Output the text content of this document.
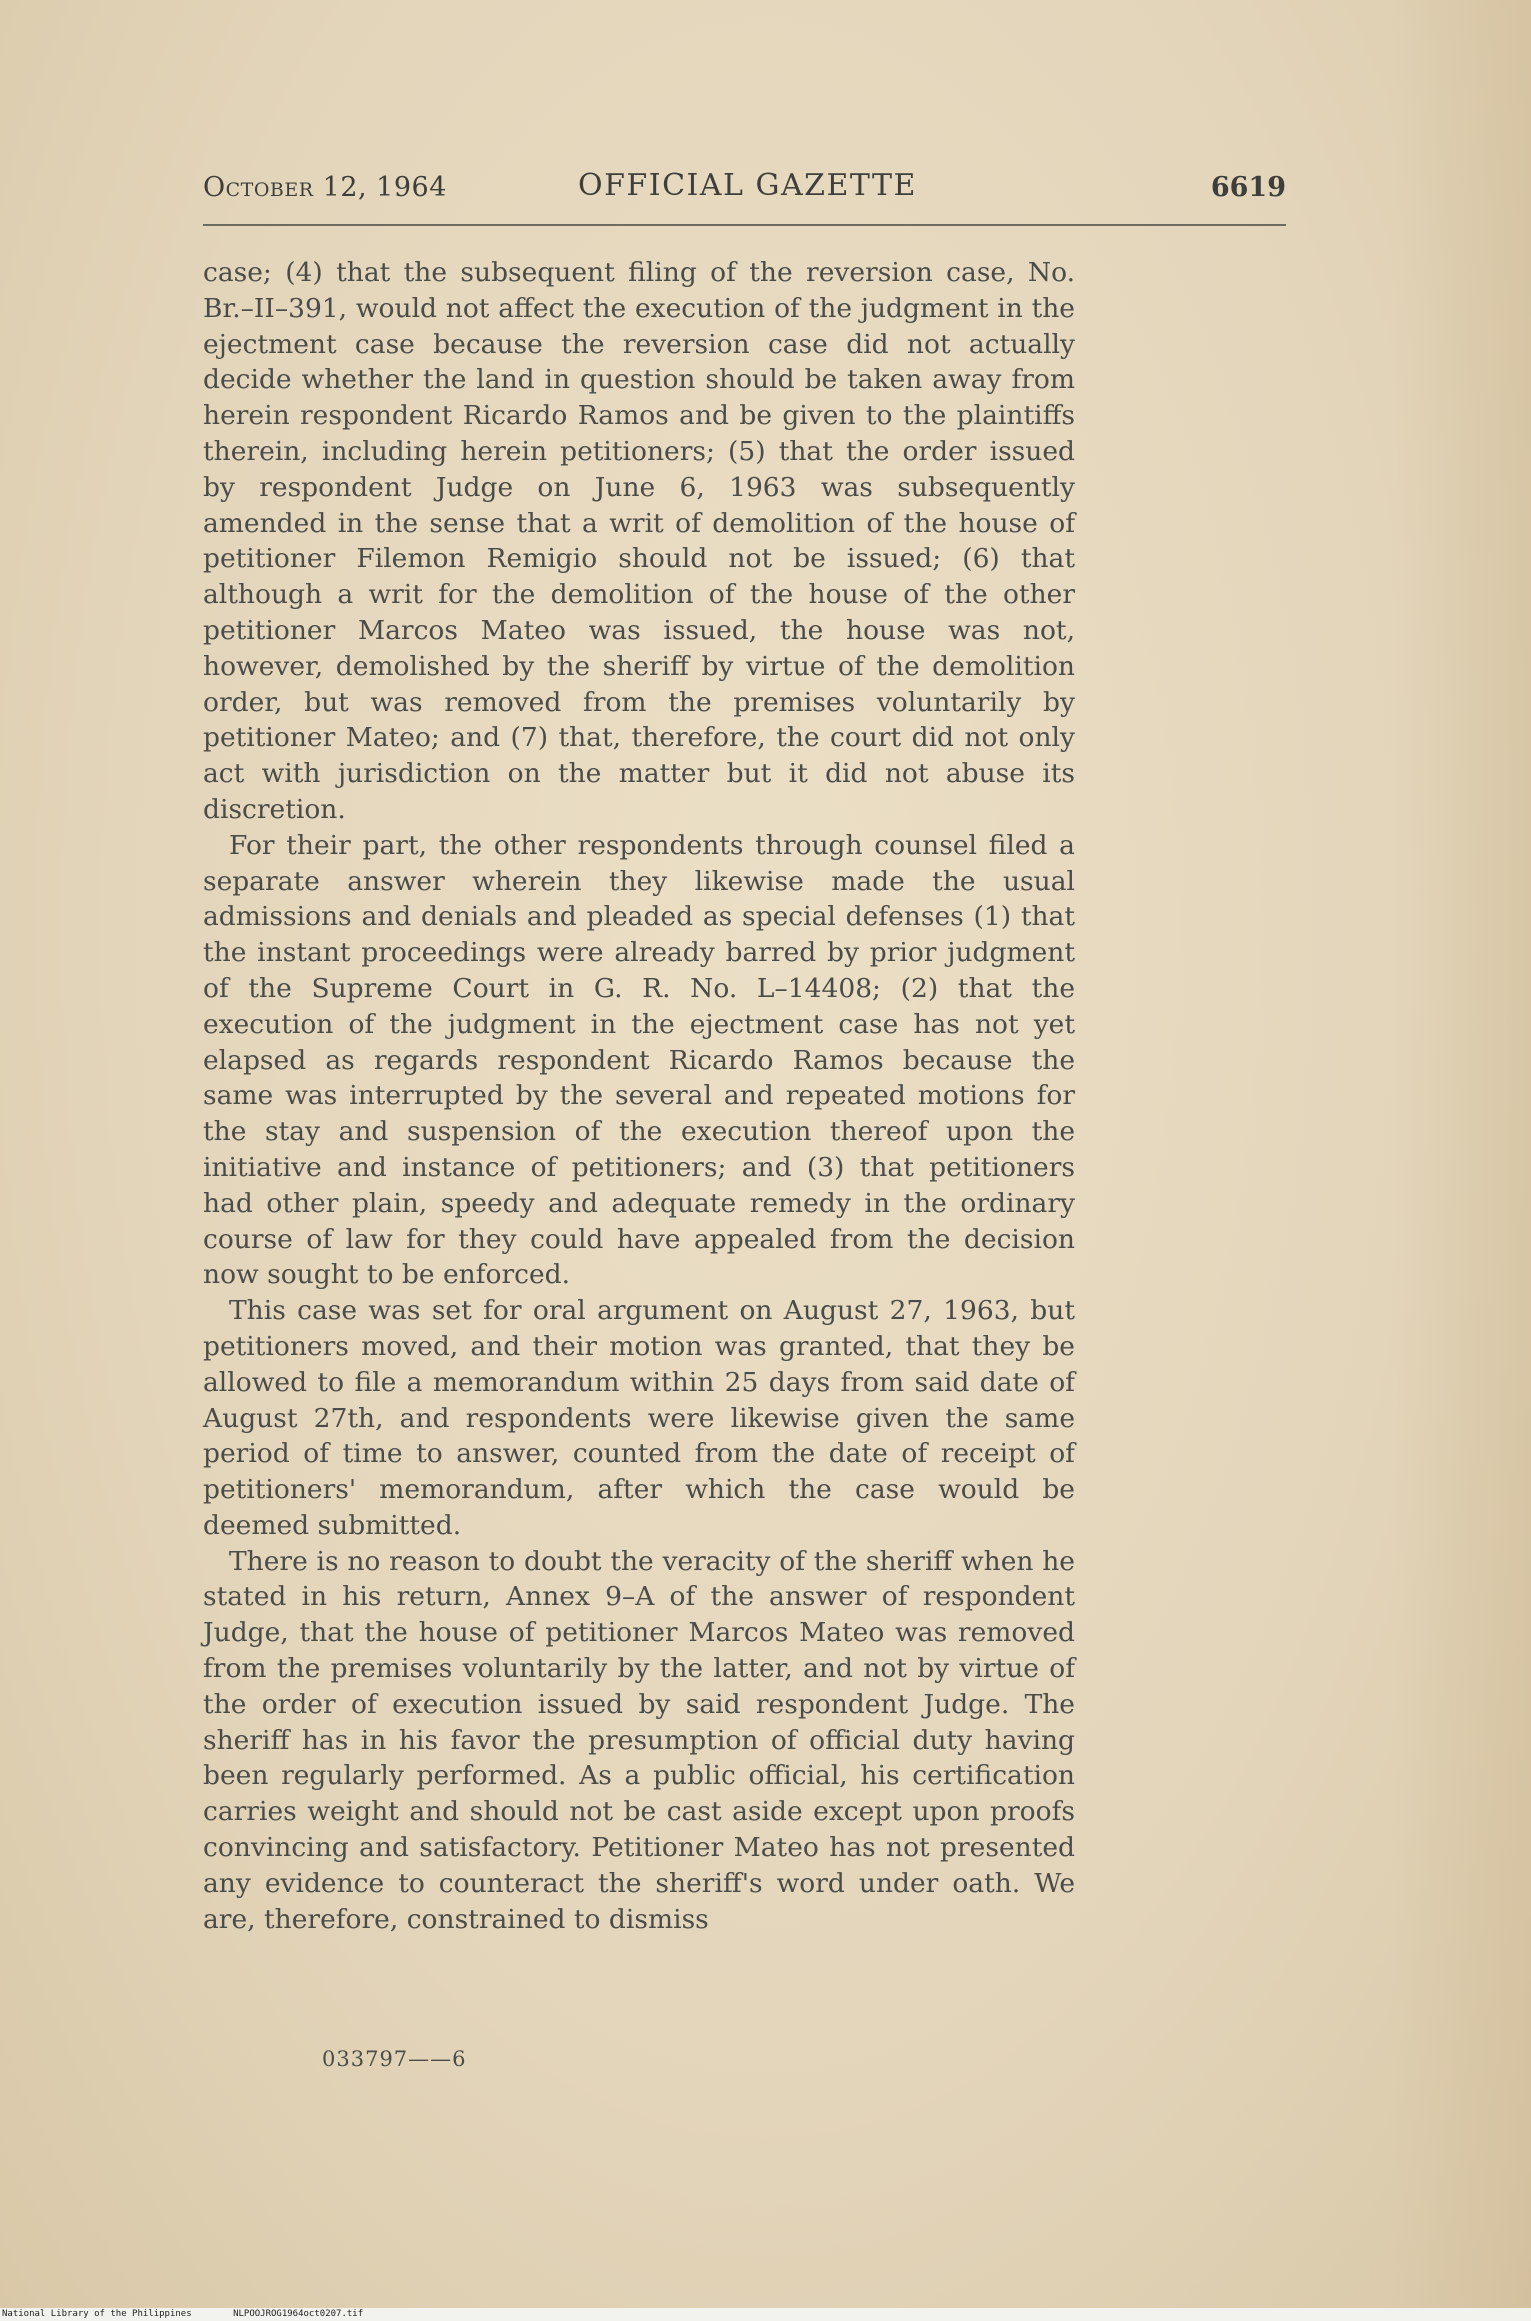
October 12, 1964	OFFICIAL GAZETTE	6619

case; (4) that the subsequent filing of the reversion case, No. Br.–II–391, would not affect the execution of the judgment in the ejectment case because the reversion case did not actually decide whether the land in question should be taken away from herein respondent Ricardo Ramos and be given to the plaintiffs therein, including herein petitioners; (5) that the order issued by respondent Judge on June 6, 1963 was subsequently amended in the sense that a writ of demolition of the house of petitioner Filemon Remigio should not be issued; (6) that although a writ for the demolition of the house of the other petitioner Marcos Mateo was issued, the house was not, however, demolished by the sheriff by virtue of the demolition order, but was removed from the premises voluntarily by petitioner Mateo; and (7) that, therefore, the court did not only act with jurisdiction on the matter but it did not abuse its discretion.

For their part, the other respondents through counsel filed a separate answer wherein they likewise made the usual admissions and denials and pleaded as special defenses (1) that the instant proceedings were already barred by prior judgment of the Supreme Court in G. R. No. L–14408; (2) that the execution of the judgment in the ejectment case has not yet elapsed as regards respondent Ricardo Ramos because the same was interrupted by the several and repeated motions for the stay and suspension of the execution thereof upon the initiative and instance of petitioners; and (3) that petitioners had other plain, speedy and adequate remedy in the ordinary course of law for they could have appealed from the decision now sought to be enforced.

This case was set for oral argument on August 27, 1963, but petitioners moved, and their motion was granted, that they be allowed to file a memorandum within 25 days from said date of August 27th, and respondents were likewise given the same period of time to answer, counted from the date of receipt of petitioners' memorandum, after which the case would be deemed submitted.

There is no reason to doubt the veracity of the sheriff when he stated in his return, Annex 9–A of the answer of respondent Judge, that the house of petitioner Marcos Mateo was removed from the premises voluntarily by the latter, and not by virtue of the order of execution issued by said respondent Judge. The sheriff has in his favor the presumption of official duty having been regularly performed. As a public official, his certification carries weight and should not be cast aside except upon proofs convincing and satisfactory. Petitioner Mateo has not presented any evidence to counteract the sheriff's word under oath. We are, therefore, constrained to dismiss

033797——6
National Library of the Philippines	NLPOOJROG1964oct0207.tif
